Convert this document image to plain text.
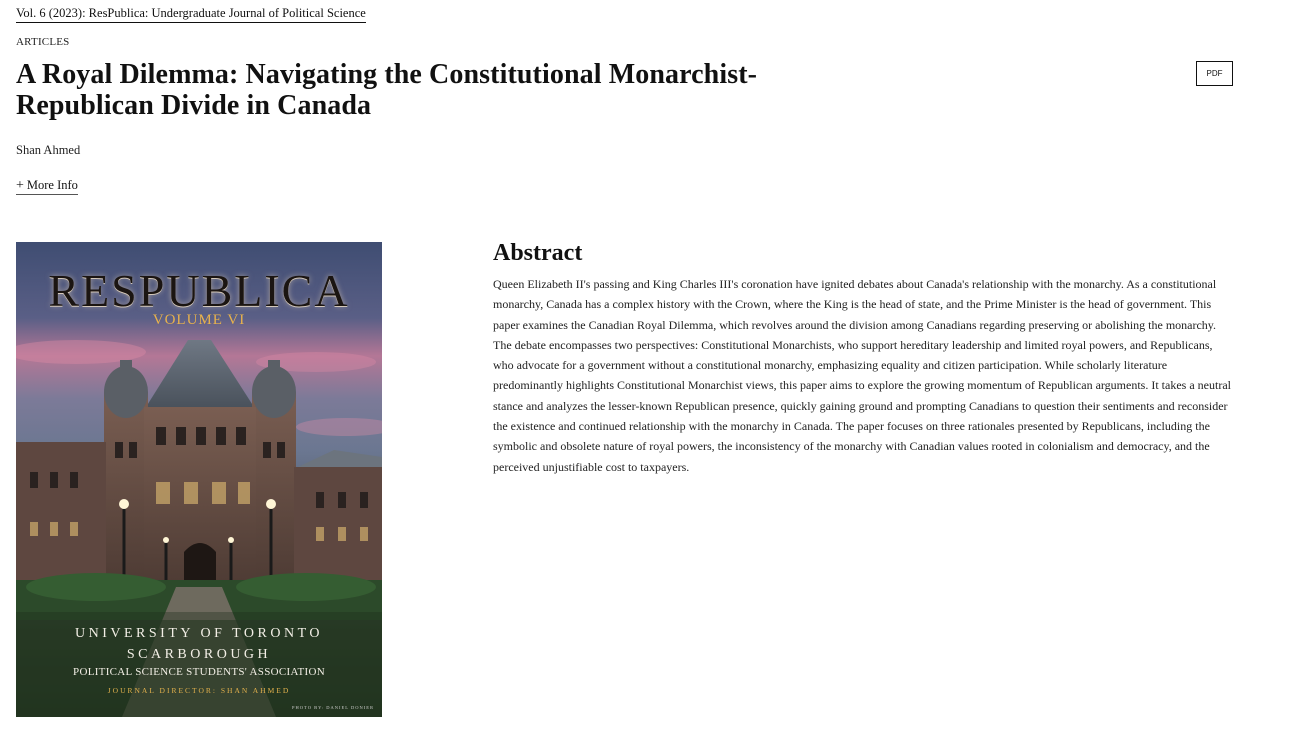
Vol. 6 (2023): ResPublica: Undergraduate Journal of Political Science
ARTICLES
A Royal Dilemma: Navigating the Constitutional Monarchist-Republican Divide in Canada
PDF
Shan Ahmed
+ More Info
RESPUBLICA
VOLUME VI
UNIVERSITY OF TORONTO
SCARBOROUGH
POLITICAL SCIENCE STUDENTS' ASSOCIATION
JOURNAL DIRECTOR: SHAN AHMED
PHOTO BY: DANIEL DONIER
Abstract

Queen Elizabeth II's passing and King Charles III's coronation have ignited debates about Canada's relationship with the monarchy. As a constitutional monarchy, Canada has a complex history with the Crown, where the King is the head of state, and the Prime Minister is the head of government. This paper examines the Canadian Royal Dilemma, which revolves around the division among Canadians regarding preserving or abolishing the monarchy. The debate encompasses two perspectives: Constitutional Monarchists, who support hereditary leadership and limited royal powers, and Republicans, who advocate for a government without a constitutional monarchy, emphasizing equality and citizen participation. While scholarly literature predominantly highlights Constitutional Monarchist views, this paper aims to explore the growing momentum of Republican arguments. It takes a neutral stance and analyzes the lesser-known Republican presence, quickly gaining ground and prompting Canadians to question their sentiments and reconsider the existence and continued relationship with the monarchy in Canada. The paper focuses on three rationales presented by Republicans, including the symbolic and obsolete nature of royal powers, the inconsistency of the monarchy with Canadian values rooted in colonialism and democracy, and the perceived unjustifiable cost to taxpayers.
